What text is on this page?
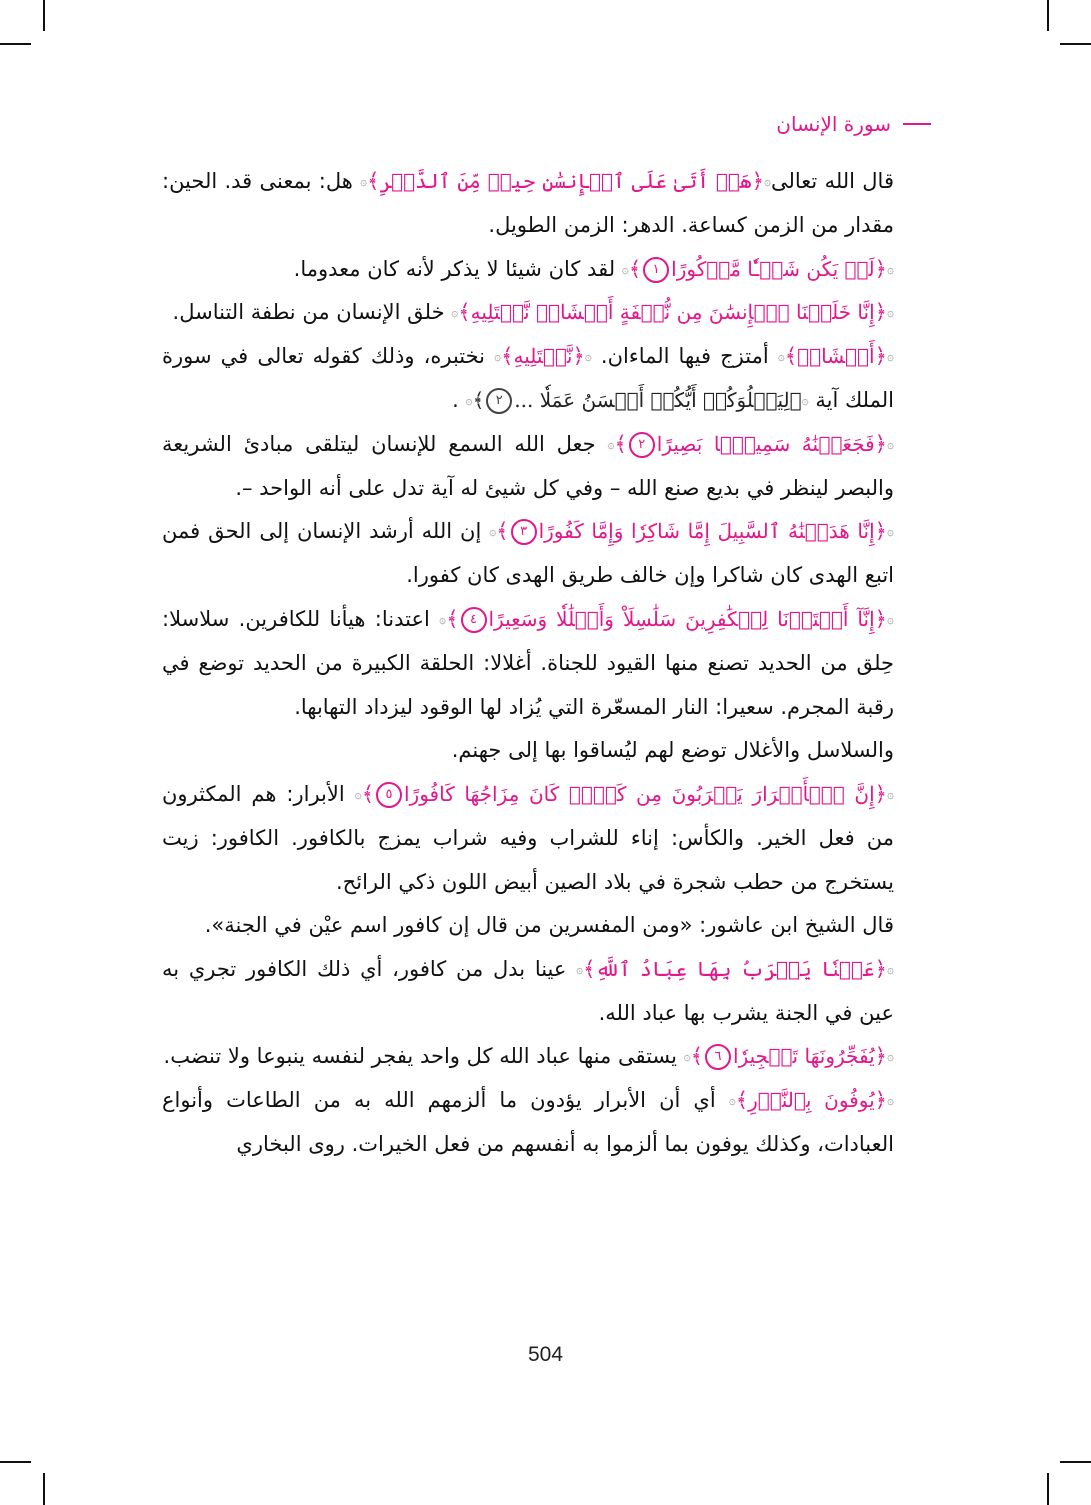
سورة الإنسان

قال الله تعالى۞﴿هَلۡ أَتَىٰ عَلَى ٱلۡإِنسَٰنِ حِينٞ مِّنَ ٱلدَّهۡرِ﴾۞ هل: بمعنى قد. الحين: مقدار من الزمن كساعة. الدهر: الزمن الطويل.

۞﴿لَمۡ يَكُن شَيۡـٔٗا مَّذۡكُورًا١﴾۞ لقد كان شيئا لا يذكر لأنه كان معدوما.

۞﴿إِنَّا خَلَقۡنَا ٱلۡإِنسَٰنَ مِن نُّطۡفَةٍ أَمۡشَاجٖ نَّبۡتَلِيهِ﴾۞ خلق الإنسان من نطفة التناسل.

۞﴿أَمۡشَاجٖ﴾۞ أمتزج فيها الماءان. ۞﴿نَّبۡتَلِيهِ﴾۞ نختبره، وذلك كقوله تعالى في سورة الملك آية ۞﴿لِيَبۡلُوَكُمۡ أَيُّكُمۡ أَحۡسَنُ عَمَلٗا ...٢﴾۞ .

۞﴿فَجَعَلۡنَٰهُ سَمِيعَۢا بَصِيرًا٢﴾۞ جعل الله السمع للإنسان ليتلقى مبادئ الشريعة والبصر لينظر في بديع صنع الله – وفي كل شيئ له آية تدل على أنه الواحد –.

۞﴿إِنَّا هَدَيۡنَٰهُ ٱلسَّبِيلَ إِمَّا شَاكِرٗا وَإِمَّا كَفُورًا٣﴾۞ إن الله أرشد الإنسان إلى الحق فمن اتبع الهدى كان شاكرا وإن خالف طريق الهدى كان كفورا.

۞﴿إِنَّآ أَعۡتَدۡنَا لِلۡكَٰفِرِينَ سَلَٰسِلَاْ وَأَغۡلَٰلٗا وَسَعِيرًا٤﴾۞ اعتدنا: هيأنا للكافرين. سلاسلا: حِلق من الحديد تصنع منها القيود للجناة. أغلالا: الحلقة الكبيرة من الحديد توضع في رقبة المجرم. سعيرا: النار المسعّرة التي يُزاد لها الوقود ليزداد التهابها.

والسلاسل والأغلال توضع لهم ليُساقوا بها إلى جهنم.

۞﴿إِنَّ ٱلۡأَبۡرَارَ يَشۡرَبُونَ مِن كَأۡسٖ كَانَ مِزَاجُهَا كَافُورًا٥﴾۞ الأبرار: هم المكثرون من فعل الخير. والكأس: إناء للشراب وفيه شراب يمزج بالكافور. الكافور: زيت يستخرج من حطب شجرة في بلاد الصين أبيض اللون ذكي الرائح.

قال الشيخ ابن عاشور: «ومن المفسرين من قال إن كافور اسم عيْن في الجنة».

۞﴿عَيۡنٗا يَشۡرَبُ بِهَا عِبَادُ ٱللَّهِ﴾۞ عينا بدل من كافور، أي ذلك الكافور تجري به عين في الجنة يشرب بها عباد الله.

۞﴿يُفَجِّرُونَهَا تَفۡجِيرٗا٦﴾۞ يستقى منها عباد الله كل واحد يفجر لنفسه ينبوعا ولا تنضب.

۞﴿يُوفُونَ بِٱلنَّذۡرِ﴾۞ أي أن الأبرار يؤدون ما ألزمهم الله به من الطاعات وأنواع العبادات، وكذلك يوفون بما ألزموا به أنفسهم من فعل الخيرات. روى البخاري

504
